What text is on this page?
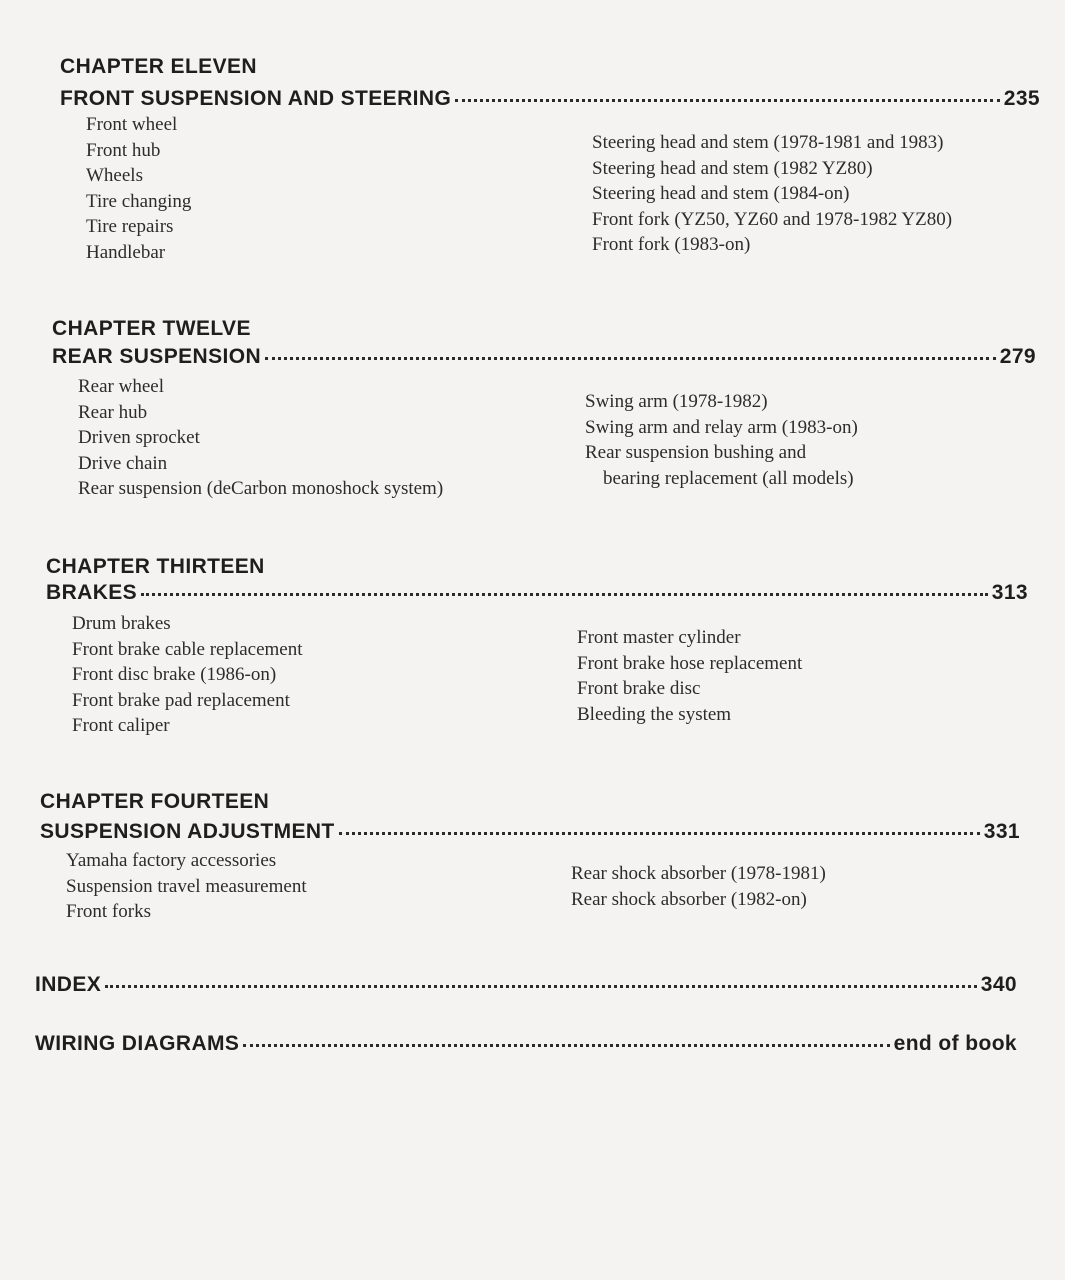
CHAPTER ELEVEN
FRONT SUSPENSION AND STEERING	235
Front wheel
Front hub
Wheels
Tire changing
Tire repairs
Handlebar
Steering head and stem (1978-1981 and 1983)
Steering head and stem (1982 YZ80)
Steering head and stem (1984-on)
Front fork (YZ50, YZ60 and 1978-1982 YZ80)
Front fork (1983-on)
CHAPTER TWELVE
REAR SUSPENSION	279
Rear wheel
Rear hub
Driven sprocket
Drive chain
Rear suspension (deCarbon monoshock system)
Swing arm (1978-1982)
Swing arm and relay arm (1983-on)
Rear suspension bushing and
bearing replacement (all models)
CHAPTER THIRTEEN
BRAKES	313
Drum brakes
Front brake cable replacement
Front disc brake (1986-on)
Front brake pad replacement
Front caliper
Front master cylinder
Front brake hose replacement
Front brake disc
Bleeding the system
CHAPTER FOURTEEN
SUSPENSION ADJUSTMENT	331
Yamaha factory accessories
Suspension travel measurement
Front forks
Rear shock absorber (1978-1981)
Rear shock absorber (1982-on)
INDEX	340
WIRING DIAGRAMS	end of book
